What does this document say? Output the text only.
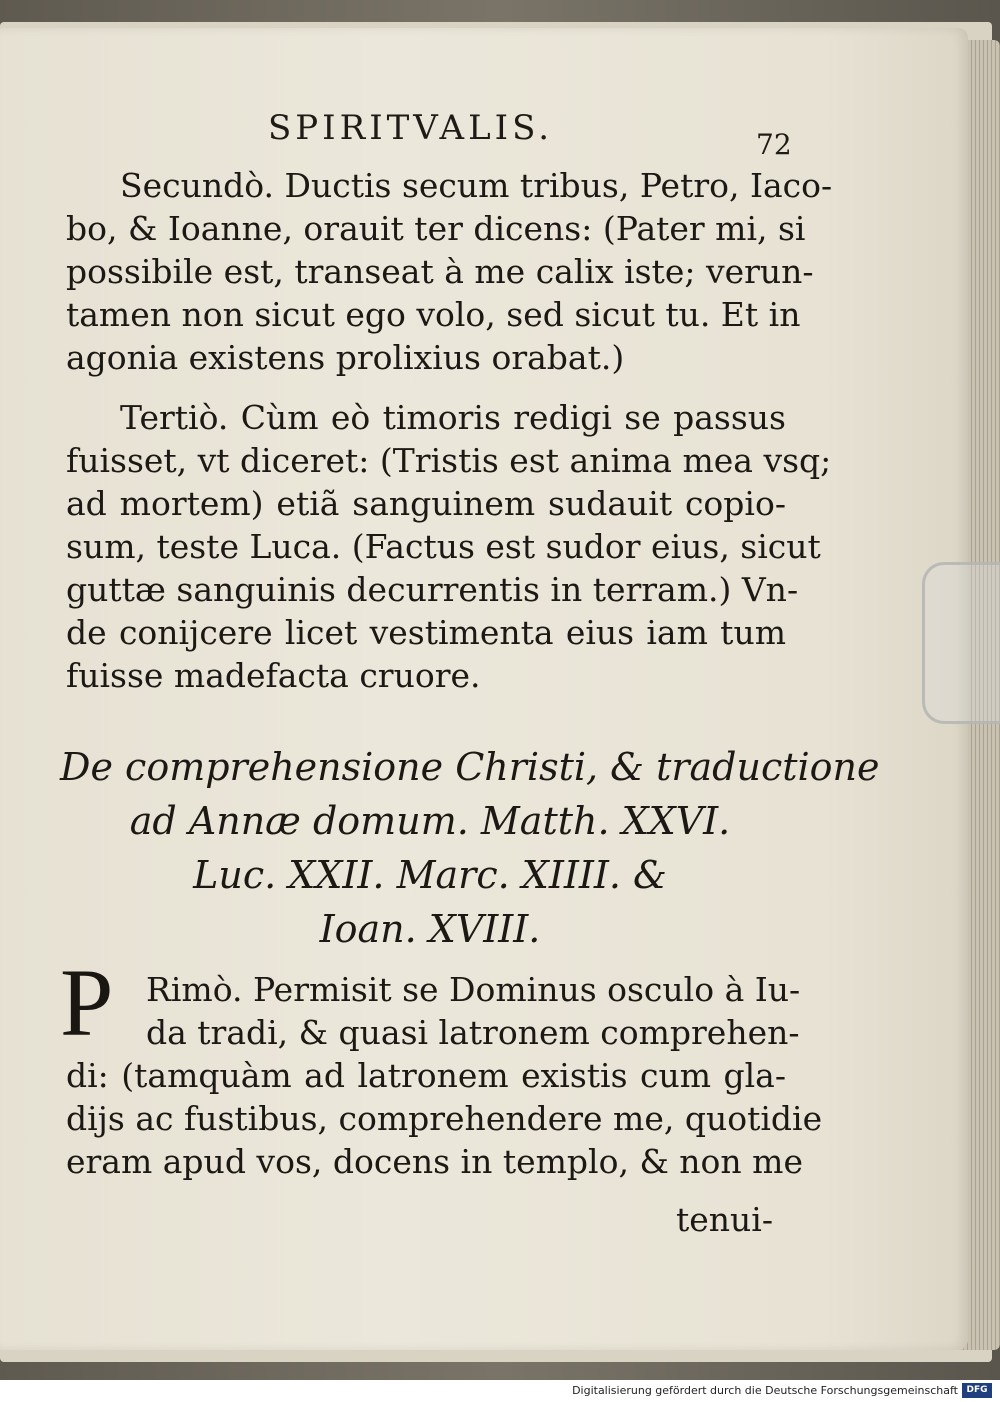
SPIRITVALIS.	72
Secundò. Ductis secum tribus, Petro, Iaco-
bo, & Ioanne, orauit ter dicens: (Pater mi, si
possibile est, transeat à me calix iste; verun-
tamen non sicut ego volo, sed sicut tu. Et in
agonia existens prolixius orabat.)
Tertiò. Cùm eò timoris redigi se passus
fuisset, vt diceret: (Tristis est anima mea vsq;
ad mortem) etiã sanguinem sudauit copio-
sum, teste Luca. (Factus est sudor eius, sicut
guttæ sanguinis decurrentis in terram.) Vn-
de conijcere licet vestimenta eius iam tum
fuisse madefacta cruore.
De comprehensione Christi, & traductione
ad Annæ domum. Matth. XXVI.
Luc. XXII. Marc. XIIII. &
Ioan. XVIII.
P Rimò. Permisit se Dominus osculo à Iu-
da tradi, & quasi latronem comprehen-
di: (tamquàm ad latronem existis cum gla-
dijs ac fustibus, comprehendere me, quotidie
eram apud vos, docens in templo, & non me
tenui-
Digitalisierung gefördert durch die Deutsche Forschungsgemeinschaft DFG
